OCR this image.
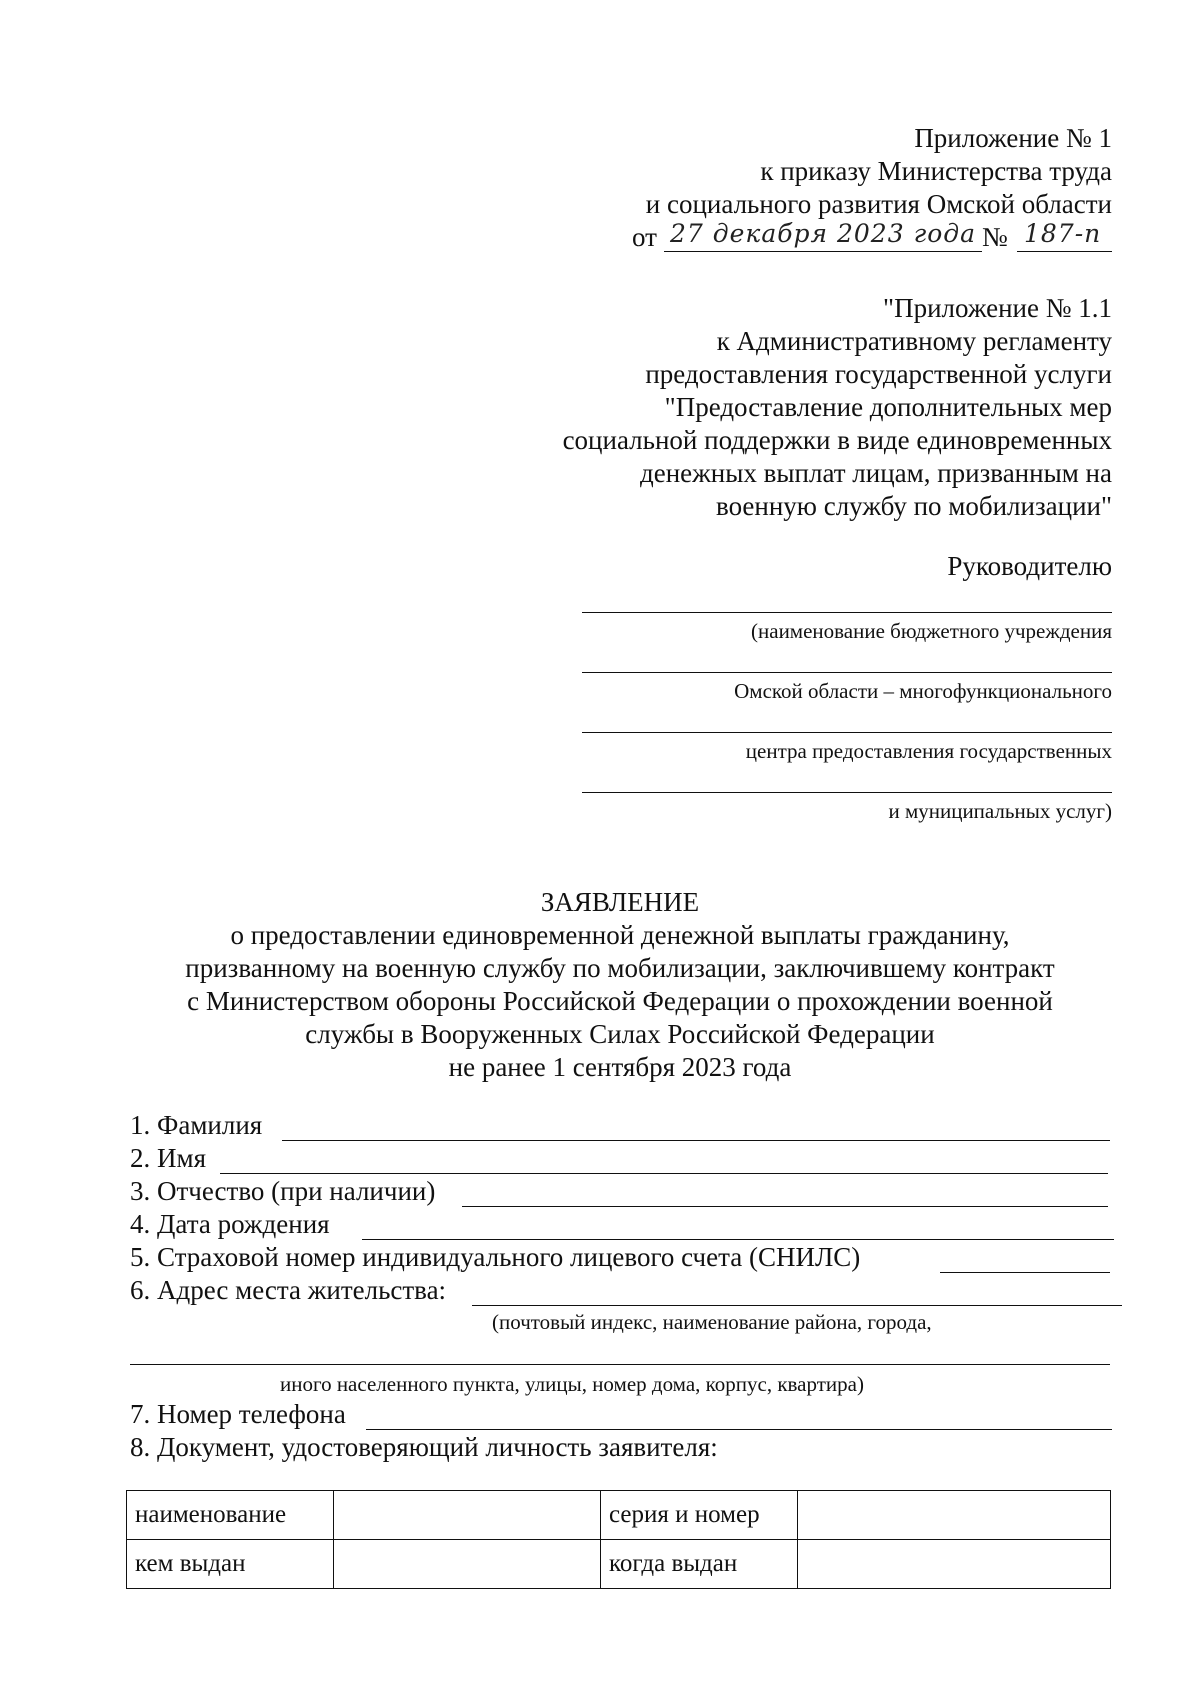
Приложение № 1
к приказу Министерства труда
и социального развития Омской области
от 27 декабря 2023 года № 187-п
"Приложение № 1.1
к Административному регламенту
предоставления государственной услуги
"Предоставление дополнительных мер
социальной поддержки в виде единовременных
денежных выплат лицам, призванным на
военную службу по мобилизации"
Руководителю
(наименование бюджетного учреждения
Омской области – многофункционального
центра предоставления государственных
и муниципальных услуг)
ЗАЯВЛЕНИЕ
о предоставлении единовременной денежной выплаты гражданину,
призванному на военную службу по мобилизации, заключившему контракт
с Министерством обороны Российской Федерации о прохождении военной
службы в Вооруженных Силах Российской Федерации
не ранее 1 сентября 2023 года
1. Фамилия
2. Имя
3. Отчество (при наличии)
4. Дата рождения
5. Страховой номер индивидуального лицевого счета (СНИЛС)
6. Адрес места жительства:
(почтовый индекс, наименование района, города,
иного населенного пункта, улицы, номер дома, корпус, квартира)
7. Номер телефона
8. Документ, удостоверяющий личность заявителя:
наименование		серия и номер	
кем выдан		когда выдан	
